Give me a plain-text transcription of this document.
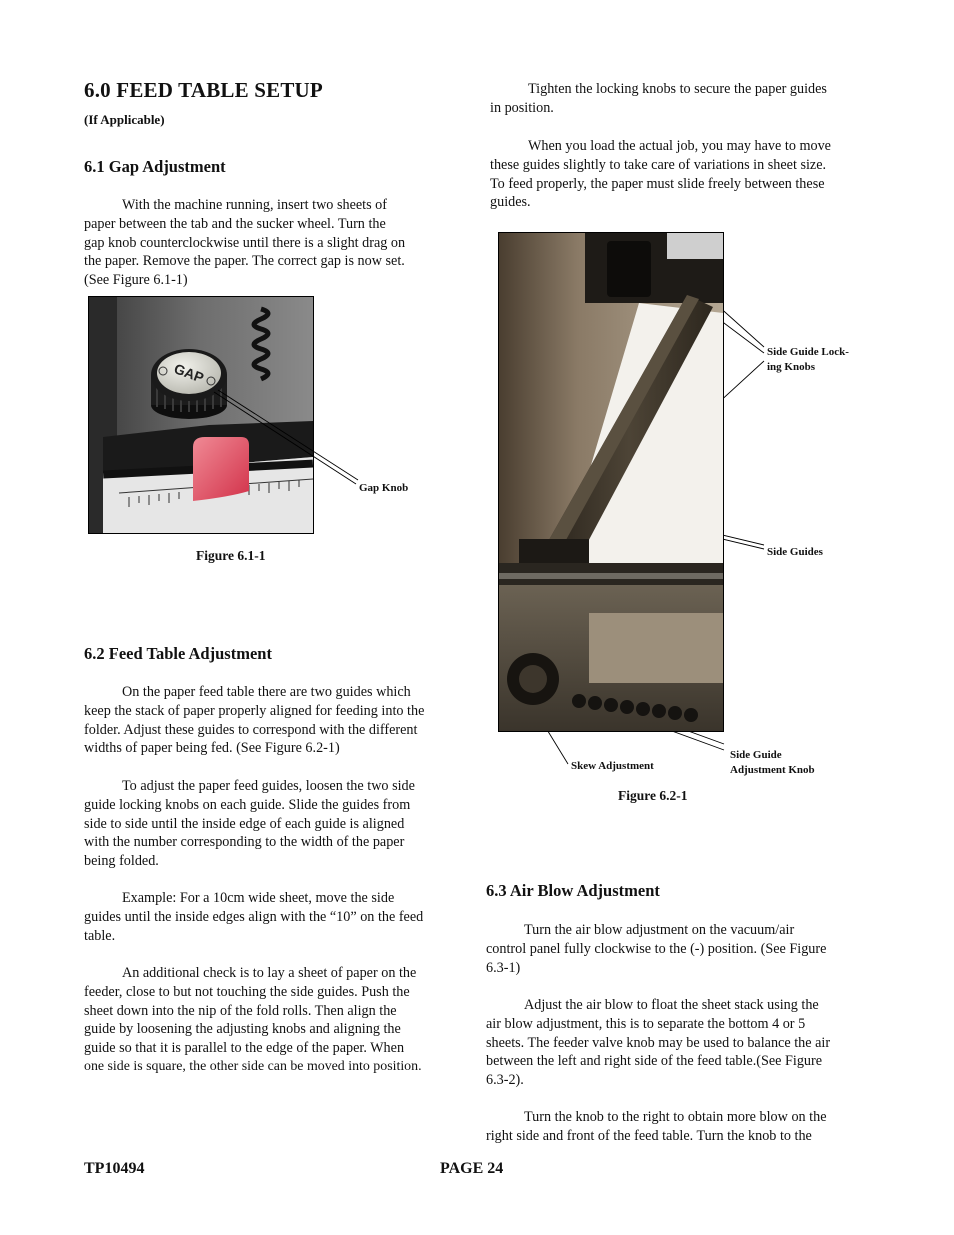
6.0 FEED TABLE SETUP
(If Applicable)
6.1 Gap Adjustment

With the machine running, insert two sheets of
paper between the tab and the sucker wheel. Turn the
gap knob counterclockwise until there is a slight drag on
the paper. Remove the paper. The correct gap is now set.
(See Figure 6.1-1)

GAP
Gap Knob
Figure 6.1-1
6.2 Feed Table Adjustment

On the paper feed table there are two guides which
keep the stack of paper properly aligned for feeding into the
folder. Adjust these guides to correspond with the different
widths of paper being fed. (See Figure 6.2-1)

To adjust the paper feed guides, loosen the two side
guide locking knobs on each guide. Slide the guides from
side to side until the inside edge of each guide is aligned
with the number corresponding to the width of the paper
being folded.

Example: For a 10cm wide sheet, move the side
guides until the inside edges align with the “10” on the feed
table.

An additional check is to lay a sheet of paper on the
feeder, close to but not touching the side guides. Push the
sheet down into the nip of the fold rolls. Then align the
guide by loosening the adjusting knobs and aligning the
guide so that it is parallel to the edge of the paper. When
one side is square, the other side can be moved into position.

Tighten the locking knobs to secure the paper guides
in position.

When you load the actual job, you may have to move
these guides slightly to take care of variations in sheet size.
To feed properly, the paper must slide freely between these
guides.

Side Guide Lock-
ing Knobs
Side Guides
Skew Adjustment
Side Guide
Adjustment Knob
Figure 6.2-1
6.3 Air Blow Adjustment

Turn the air blow adjustment on the vacuum/air
control panel fully clockwise to the (-) position. (See Figure
6.3-1)

Adjust the air blow to float the sheet stack using the
air blow adjustment, this is to separate the bottom 4 or 5
sheets. The feeder valve knob may be used to balance the air
between the left and right side of the feed table.(See Figure
6.3-2).

Turn the knob to the right to obtain more blow on the
right side and front of the feed table. Turn the knob to the

TP10494	PAGE 24
